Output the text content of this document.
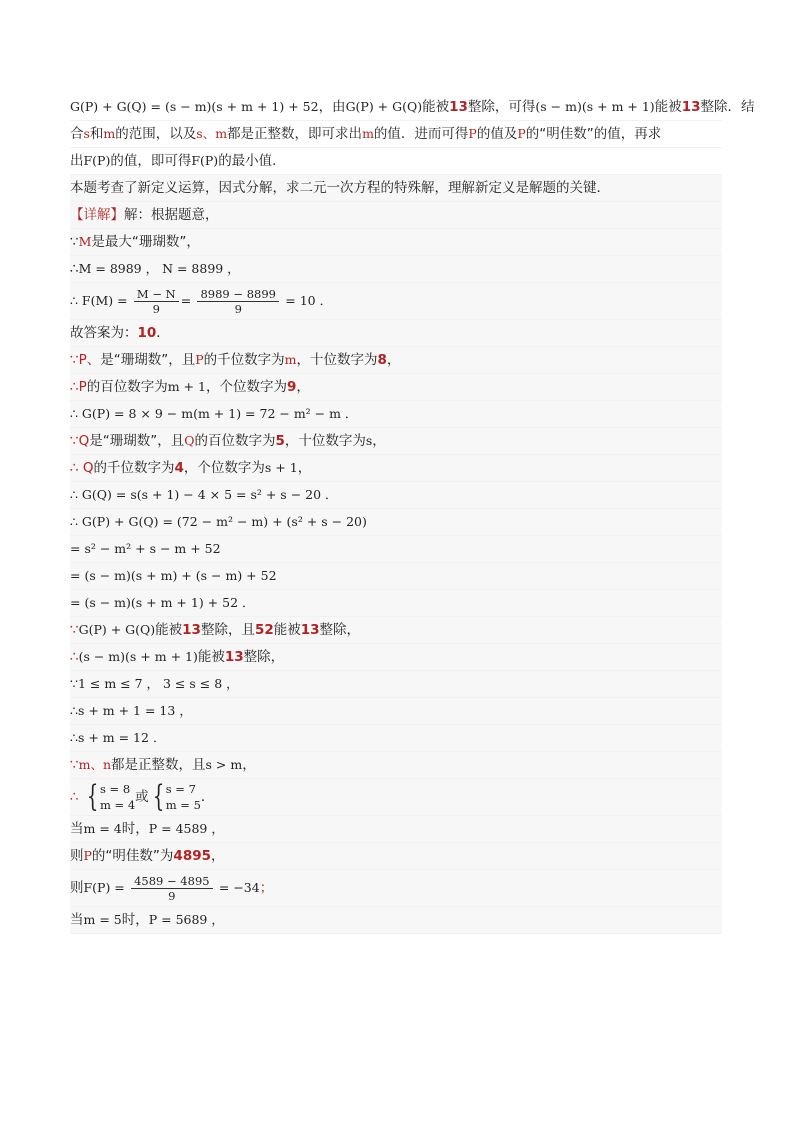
G(P) + G(Q) = (s − m)(s + m + 1) + 52，由G(P) + G(Q)能被13整除，可得(s − m)(s + m + 1)能被13整除．结
合s和m的范围，以及s、m都是正整数，即可求出m的值．进而可得P的值及P的“明佳数”的值，再求
出F(P)的值，即可得F(P)的最小值．
本题考查了新定义运算，因式分解，求二元一次方程的特殊解，理解新定义是解题的关键．
【详解】解：根据题意，
∵M是最大“珊瑚数”，
∴M = 8989 ， N = 8899 ，
∴ $F(M) = \frac{M - N}{9} = \frac{8989 - 8899}{9} = 10$ ．
故答案为：10．
∵P、是“珊瑚数”，且P的千位数字为m，十位数字为8，
∴P的百位数字为m + 1，个位数字为9，
∴ G(P) = 8 × 9 − m(m + 1) = 72 − m² − m ．
∵Q是“珊瑚数”，且Q的百位数字为5，十位数字为s，
∴ Q的千位数字为4，个位数字为s + 1，
∴ G(Q) = s(s + 1) − 4 × 5 = s² + s − 20 ．
∴ G(P) + G(Q) = (72 − m² − m) + (s² + s − 20)
= s² − m² + s − m + 52
= (s − m)(s + m) + (s − m) + 52
= (s − m)(s + m + 1) + 52 ．
∵G(P) + G(Q)能被13整除，且52能被13整除，
∴(s − m)(s + m + 1)能被13整除，
∵1 ≤ m ≤ 7 ， 3 ≤ s ≤ 8 ，
∴s + m + 1 = 13 ，
∴s + m = 12 ．
∵m、n都是正整数，且s > m，
∴ { s = 8
m = 4 或 { s = 7
m = 5 ．
当m = 4时，P = 4589 ，
则P的“明佳数”为4895，
则$F(P) = \frac{4589 - 4895}{9} = -34$；
当m = 5时，P = 5689 ，
